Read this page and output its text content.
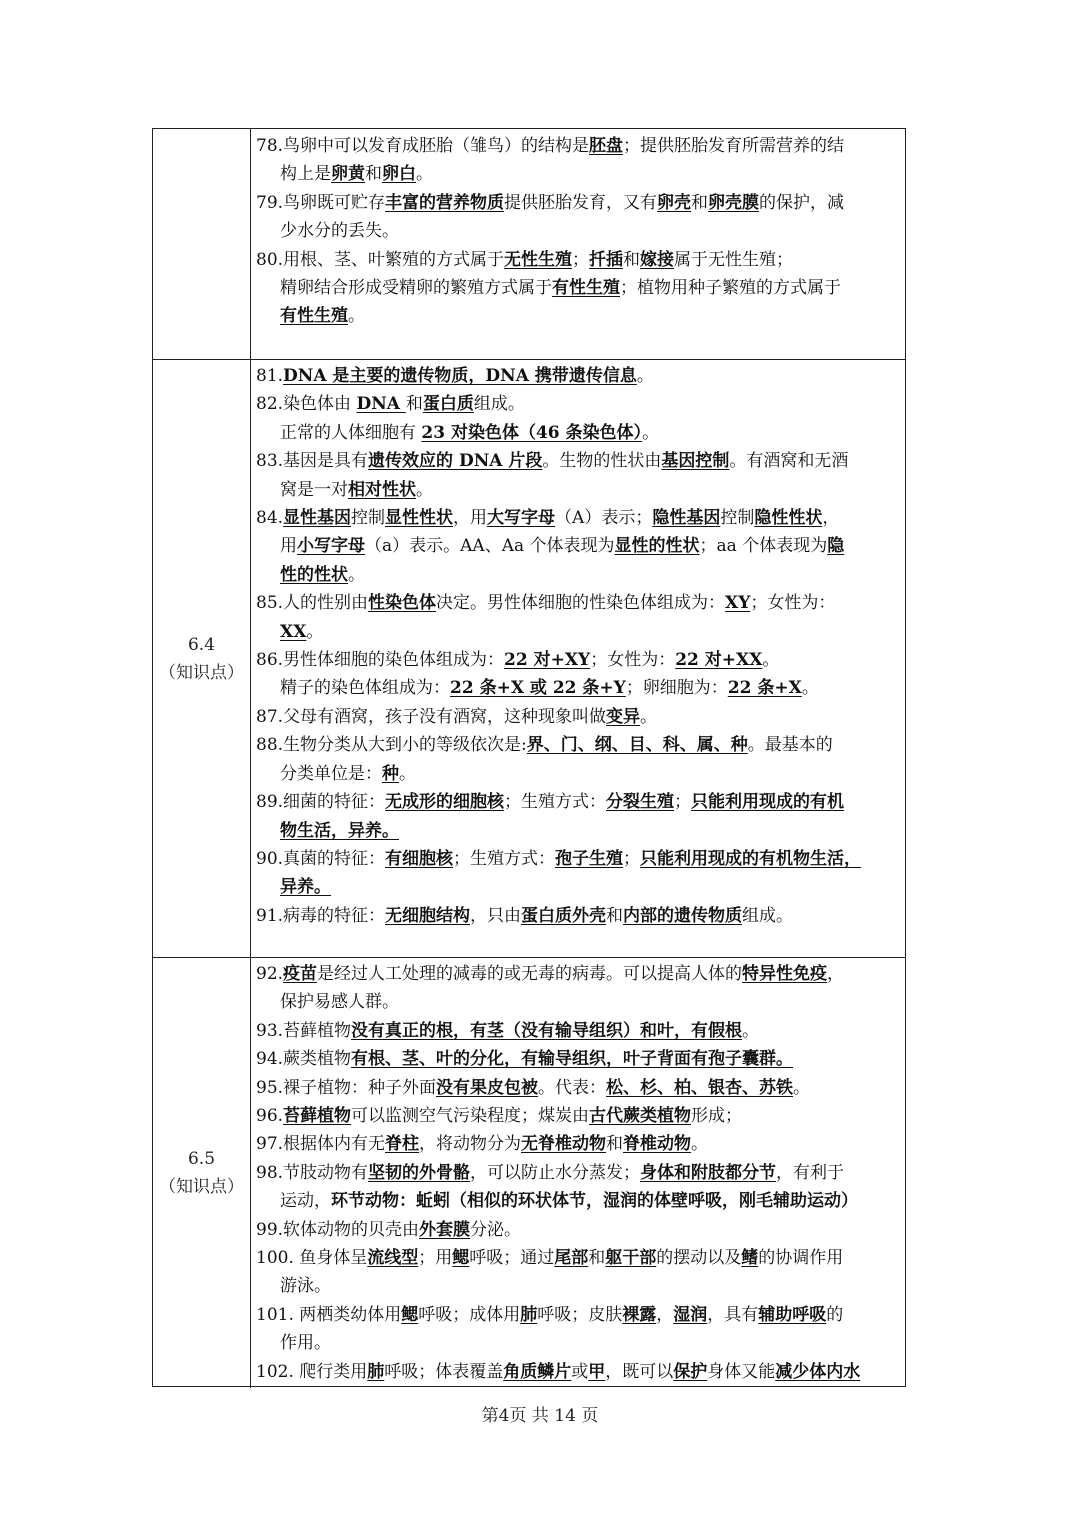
78.鸟卵中可以发育成胚胎（雏鸟）的结构是胚盘；提供胚胎发育所需营养的结
构上是卵黄和卵白。
79.鸟卵既可贮存丰富的营养物质提供胚胎发育，又有卵壳和卵壳膜的保护，减
少水分的丢失。
80.用根、茎、叶繁殖的方式属于无性生殖；扦插和嫁接属于无性生殖；
精卵结合形成受精卵的繁殖方式属于有性生殖；植物用种子繁殖的方式属于
有性生殖。
6.4
（知识点）
81.DNA 是主要的遗传物质，DNA 携带遗传信息。
82.染色体由 DNA 和蛋白质组成。
正常的人体细胞有 23 对染色体（46 条染色体）。
83.基因是具有遗传效应的 DNA 片段。生物的性状由基因控制。有酒窝和无酒
窝是一对相对性状。
84.显性基因控制显性性状，用大写字母（A）表示；隐性基因控制隐性性状，
用小写字母（a）表示。AA、Aa 个体表现为显性的性状；aa 个体表现为隐
性的性状。
85.人的性别由性染色体决定。男性体细胞的性染色体组成为：XY；女性为：
XX。
86.男性体细胞的染色体组成为：22 对+XY；女性为：22 对+XX。
精子的染色体组成为：22 条+X 或 22 条+Y；卵细胞为：22 条+X。
87.父母有酒窝，孩子没有酒窝，这种现象叫做变异。
88.生物分类从大到小的等级依次是:界、门、纲、目、科、属、种。最基本的
分类单位是：种。
89.细菌的特征：无成形的细胞核；生殖方式：分裂生殖；只能利用现成的有机
物生活，异养。
90.真菌的特征：有细胞核；生殖方式：孢子生殖；只能利用现成的有机物生活，
异养。
91.病毒的特征：无细胞结构，只由蛋白质外壳和内部的遗传物质组成。
6.5
（知识点）
92.疫苗是经过人工处理的减毒的或无毒的病毒。可以提高人体的特异性免疫，
保护易感人群。
93.苔藓植物没有真正的根，有茎（没有输导组织）和叶，有假根。
94.蕨类植物有根、茎、叶的分化，有输导组织，叶子背面有孢子囊群。
95.裸子植物：种子外面没有果皮包被。代表：松、杉、柏、银杏、苏铁。
96.苔藓植物可以监测空气污染程度；煤炭由古代蕨类植物形成；
97.根据体内有无脊柱，将动物分为无脊椎动物和脊椎动物。
98.节肢动物有坚韧的外骨骼，可以防止水分蒸发；身体和附肢都分节，有利于
运动，环节动物：蚯蚓（相似的环状体节，湿润的体壁呼吸，刚毛辅助运动）
99.软体动物的贝壳由外套膜分泌。
100. 鱼身体呈流线型；用鳃呼吸；通过尾部和躯干部的摆动以及鳍的协调作用
游泳。
101. 两栖类幼体用鳃呼吸；成体用肺呼吸；皮肤裸露，湿润，具有辅助呼吸的
作用。
102. 爬行类用肺呼吸；体表覆盖角质鳞片或甲，既可以保护身体又能减少体内水
第4页 共 14 页
